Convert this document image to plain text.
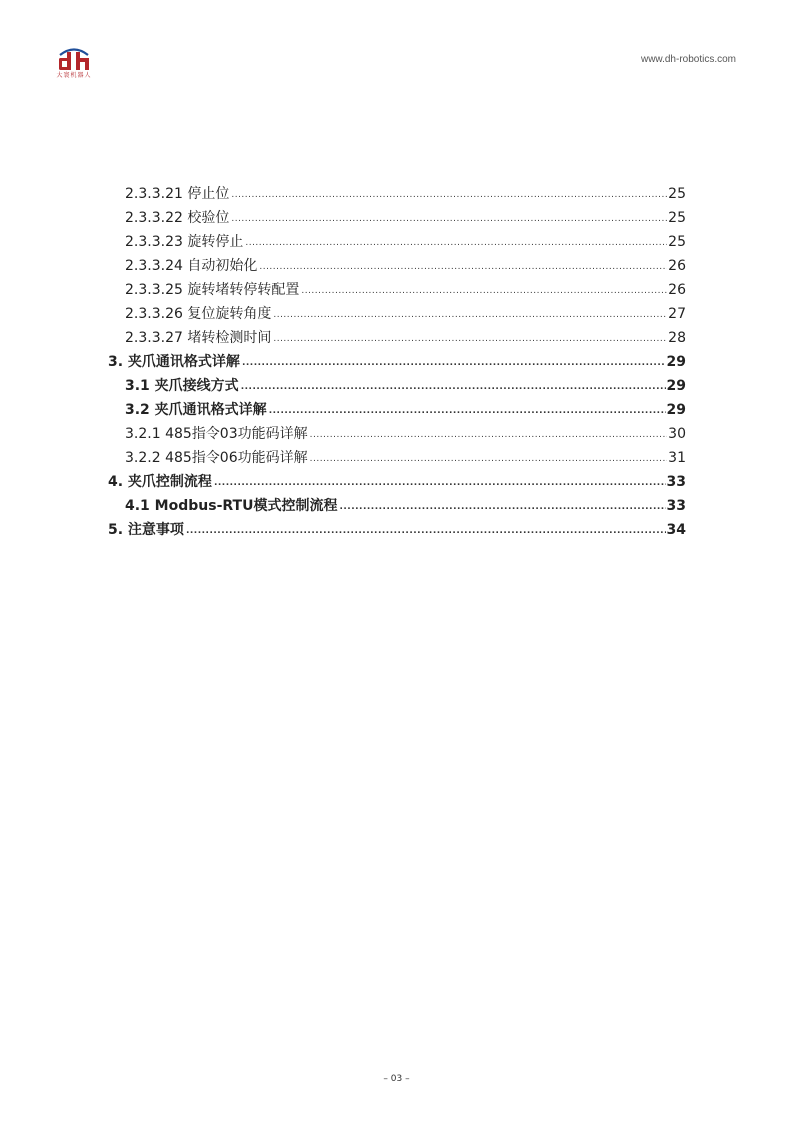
大寰机器人
www.dh-robotics.com
2.3.3.21 停止位 .....	25
2.3.3.22 校验位 .....	25
2.3.3.23 旋转停止 .....	25
2.3.3.24 自动初始化 .....	26
2.3.3.25 旋转堵转停转配置 .....	26
2.3.3.26 复位旋转角度 .....	27
2.3.3.27 堵转检测时间 .....	28
3. 夹爪通讯格式详解 .....	29
3.1 夹爪接线方式 .....	29
3.2 夹爪通讯格式详解 .....	29
3.2.1 485指令03功能码详解 .....	30
3.2.2 485指令06功能码详解 .....	31
4. 夹爪控制流程 .....	33
4.1 Modbus-RTU模式控制流程 .....	33
5. 注意事项 .....	34
– 03 –
